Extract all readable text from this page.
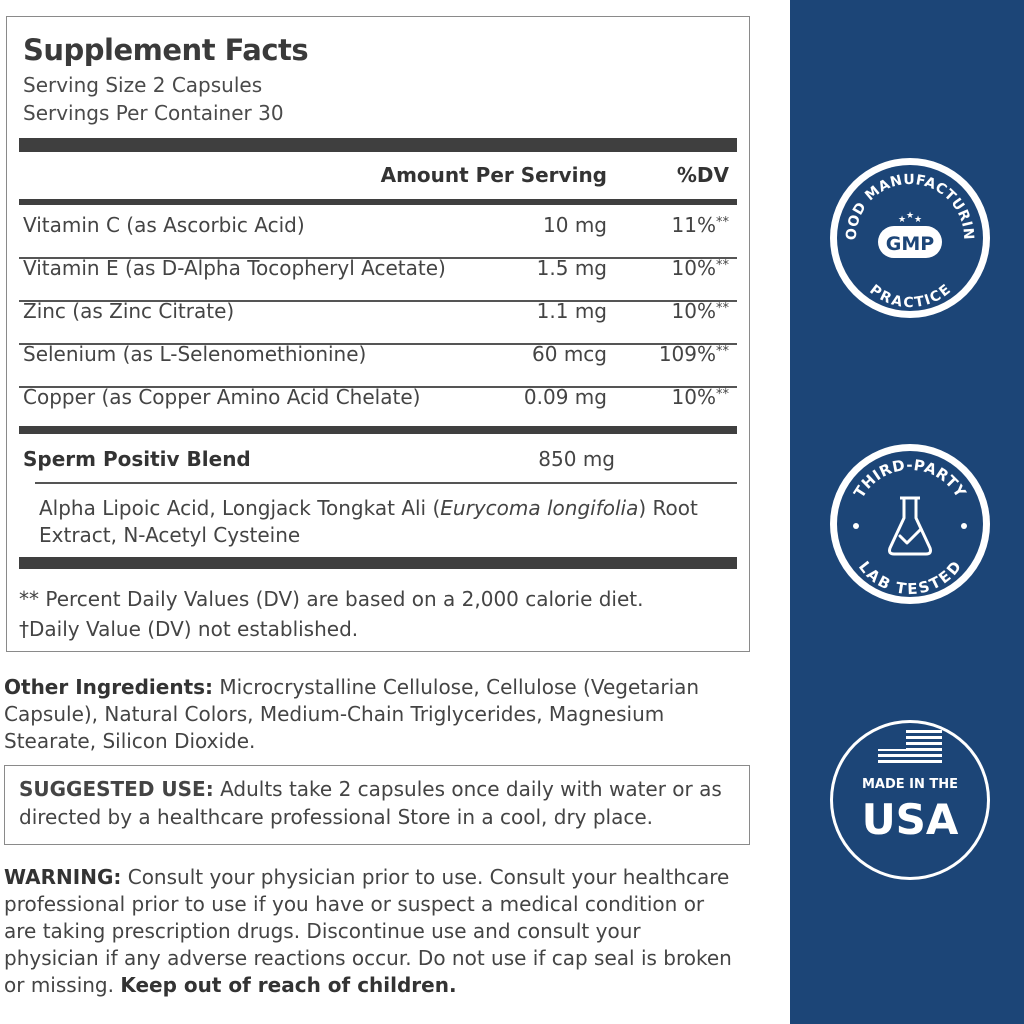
Supplement Facts
Serving Size 2 Capsules
Servings Per Container 30
Amount Per Serving	%DV
Vitamin C (as Ascorbic Acid)	10 mg	11%**
Vitamin E (as D-Alpha Tocopheryl Acetate)	1.5 mg	10%**
Zinc (as Zinc Citrate)	1.1 mg	10%**
Selenium (as L-Selenomethionine)	60 mcg	109%**
Copper (as Copper Amino Acid Chelate)	0.09 mg	10%**
Sperm Positiv Blend	850 mg
Alpha Lipoic Acid, Longjack Tongkat Ali (Eurycoma longifolia) Root Extract, N-Acetyl Cysteine
** Percent Daily Values (DV) are based on a 2,000 calorie diet.
†Daily Value (DV) not established.
Other Ingredients: Microcrystalline Cellulose, Cellulose (Vegetarian Capsule), Natural Colors, Medium-Chain Triglycerides, Magnesium Stearate, Silicon Dioxide.
SUGGESTED USE: Adults take 2 capsules once daily with water or as directed by a healthcare professional Store in a cool, dry place.
WARNING: Consult your physician prior to use. Consult your healthcare professional prior to use if you have or suspect a medical condition or are taking prescription drugs. Discontinue use and consult your physician if any adverse reactions occur. Do not use if cap seal is broken or missing. Keep out of reach of children.
OOD MANUFACTURIN
PRACTICE
★ ★ ★
GMP
THIRD-PARTY
LAB TESTED
MADE IN THE
USA
